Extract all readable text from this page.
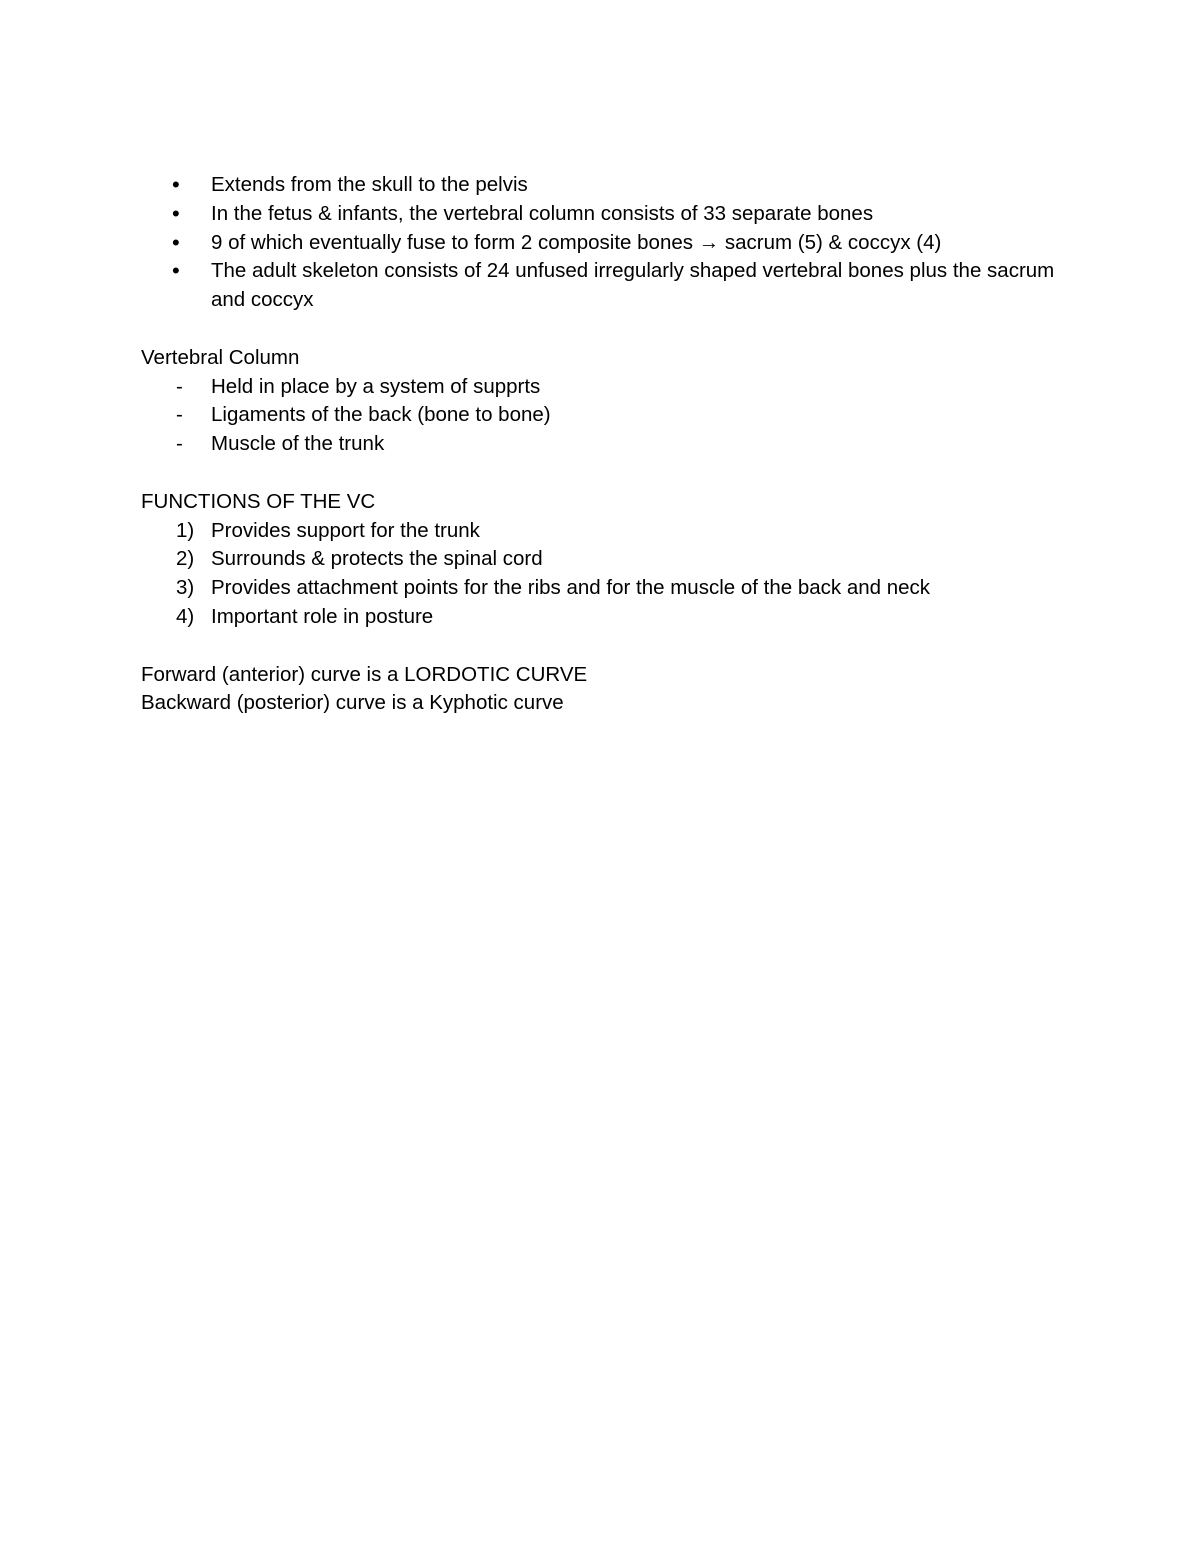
•	Extends from the skull to the pelvis
•	In the fetus & infants, the vertebral column consists of 33 separate bones
•	9 of which eventually fuse to form 2 composite bones → sacrum (5) & coccyx (4)
•	The adult skeleton consists of 24 unfused irregularly shaped vertebral bones plus the sacrum and coccyx
Vertebral Column
-	Held in place by a system of supprts
-	Ligaments of the back (bone to bone)
-	Muscle of the trunk
FUNCTIONS OF THE VC
1) Provides support for the trunk
2) Surrounds & protects the spinal cord
3) Provides attachment points for the ribs and for the muscle of the back and neck
4) Important role in posture
Forward (anterior) curve is a LORDOTIC CURVE
Backward (posterior) curve is a Kyphotic curve
